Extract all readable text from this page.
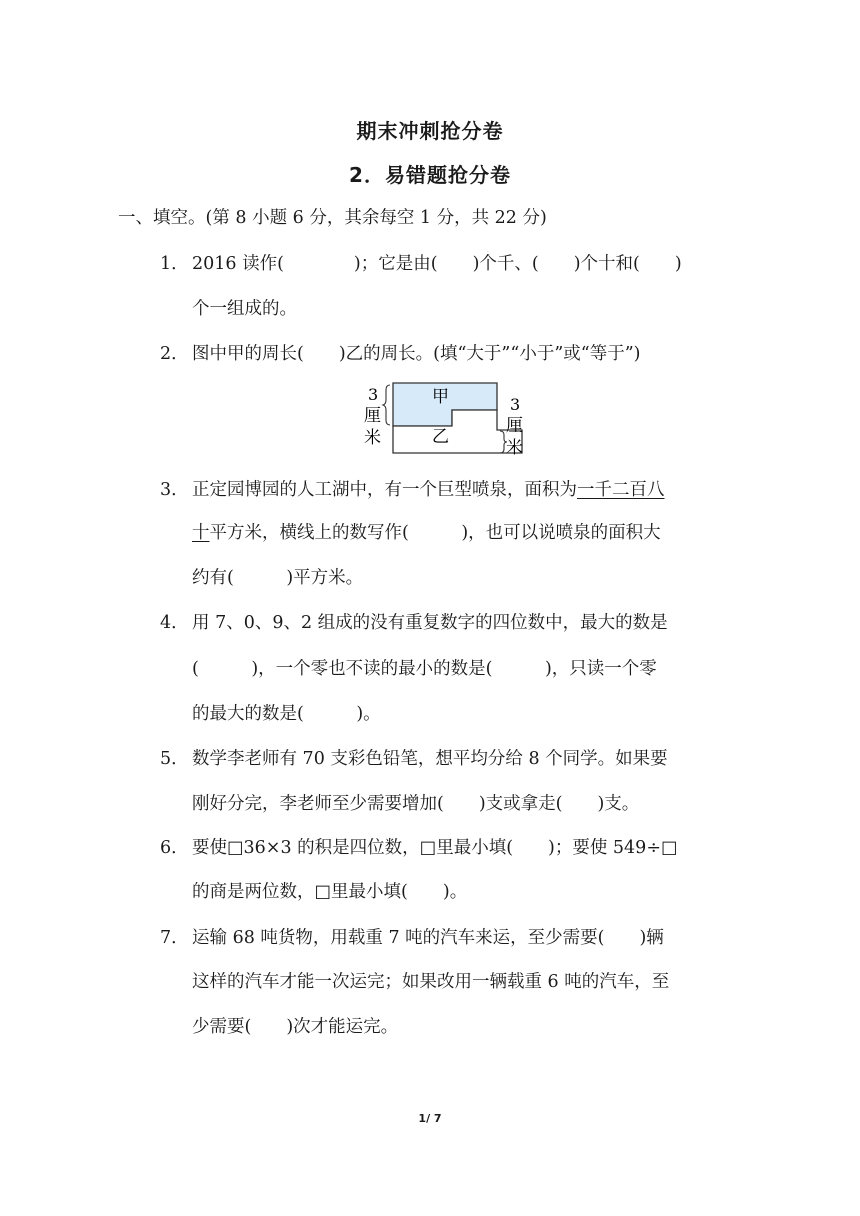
期末冲刺抢分卷
2．易错题抢分卷
一、填空。(第 8 小题 6 分，其余每空 1 分，共 22 分)
1． 2016 读作(　　　　)；它是由(　　)个千、(　　)个十和(　　)
个一组成的。
2． 图中甲的周长(　　)乙的周长。(填“大于”“小于”或“等于”)
甲
乙
3
厘
米
3
厘
米
3． 正定园博园的人工湖中，有一个巨型喷泉，面积为一千二百八
十平方米，横线上的数写作(　　　)，也可以说喷泉的面积大
约有(　　　)平方米。
4． 用 7、0、9、2 组成的没有重复数字的四位数中，最大的数是
(　　　)，一个零也不读的最小的数是(　　　)，只读一个零
的最大的数是(　　　)。
5． 数学李老师有 70 支彩色铅笔，想平均分给 8 个同学。如果要
刚好分完，李老师至少需要增加(　　)支或拿走(　　)支。
6． 要使□36×3 的积是四位数，□里最小填(　　)；要使 549÷□
的商是两位数，□里最小填(　　)。
7． 运输 68 吨货物，用载重 7 吨的汽车来运，至少需要(　　)辆
这样的汽车才能一次运完；如果改用一辆载重 6 吨的汽车，至
少需要(　　)次才能运完。
1/ 7
